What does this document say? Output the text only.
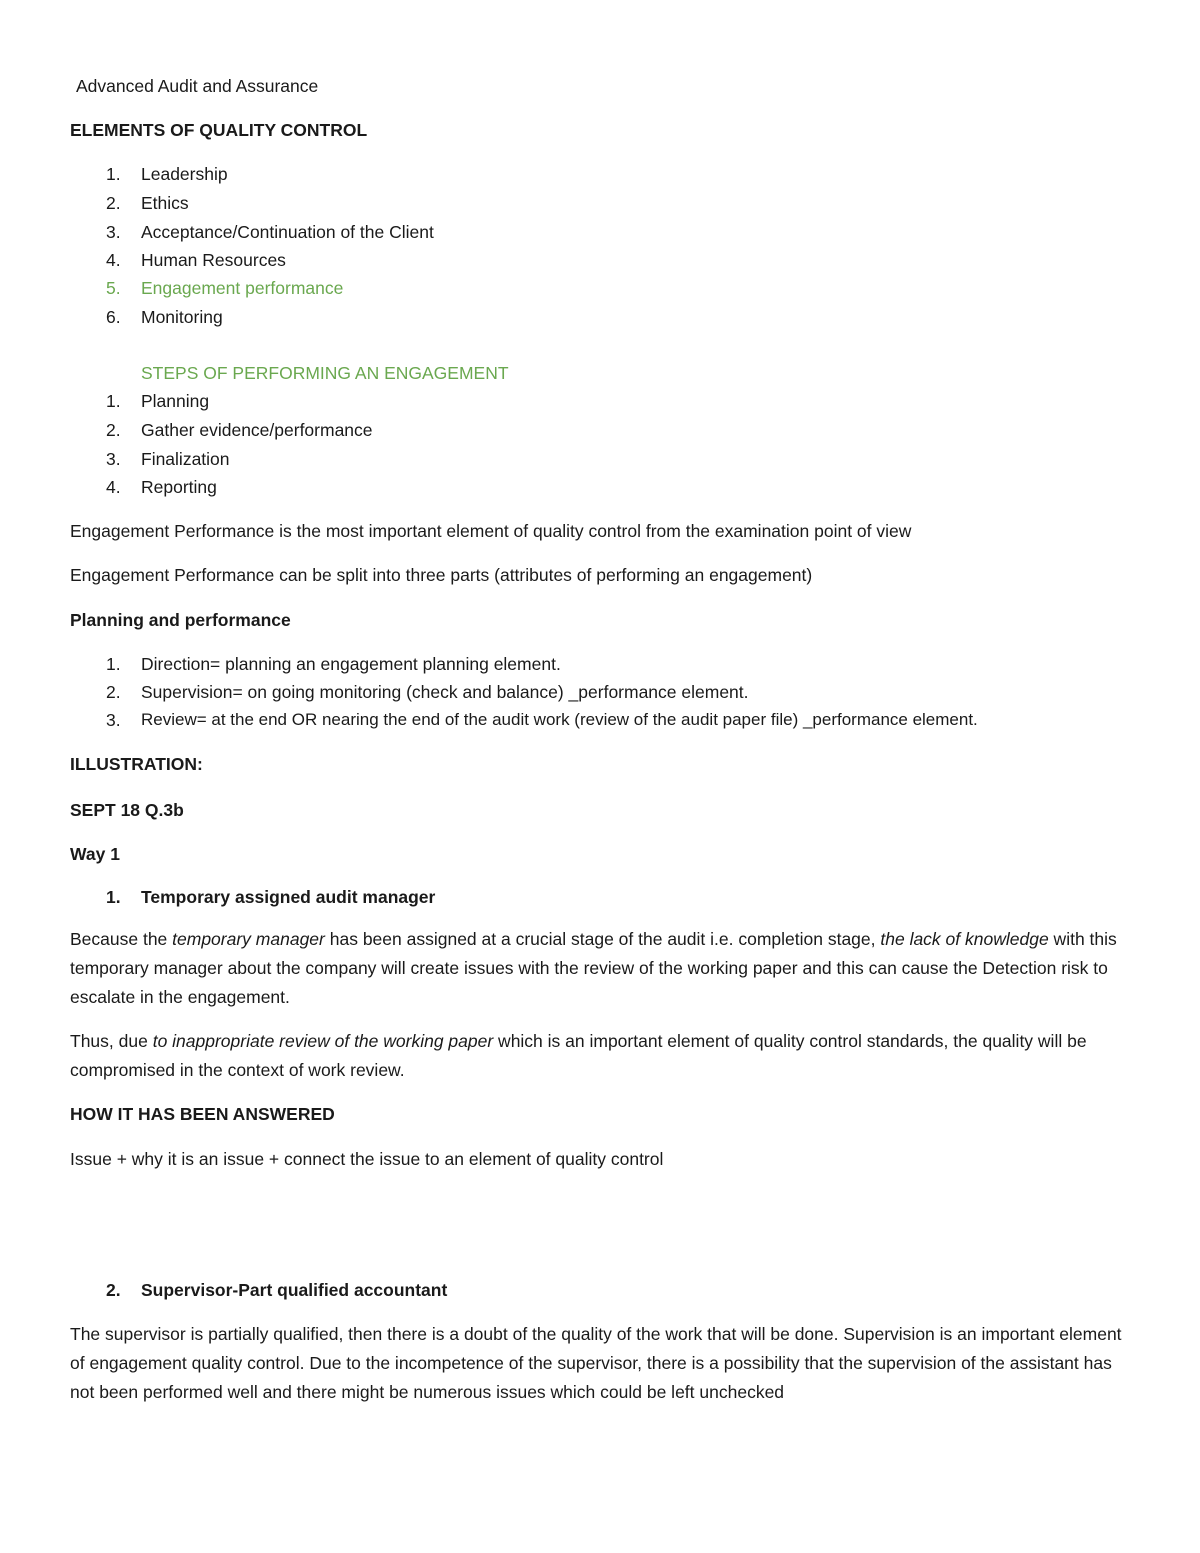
Advanced Audit and Assurance
ELEMENTS OF QUALITY CONTROL
1.	Leadership
2.	Ethics
3.	Acceptance/Continuation of the Client
4.	Human Resources
5.	Engagement performance
6.	Monitoring
STEPS OF PERFORMING AN ENGAGEMENT
1.	Planning
2.	Gather evidence/performance
3.	Finalization
4.	Reporting
Engagement Performance is the most important element of quality control from the examination point of view
Engagement Performance can be split into three parts (attributes of performing an engagement)
Planning and performance
1.	Direction= planning an engagement planning element.
2.	Supervision= on going monitoring (check and balance) _performance element.
3.	Review= at the end OR nearing the end of the audit work (review of the audit paper file) _performance element.
ILLUSTRATION:
SEPT 18 Q.3b
Way 1
1.	Temporary assigned audit manager
Because the temporary manager has been assigned at a crucial stage of the audit i.e. completion stage, the lack of knowledge with this temporary manager about the company will create issues with the review of the working paper and this can cause the Detection risk to escalate in the engagement.
Thus, due to inappropriate review of the working paper which is an important element of quality control standards, the quality will be compromised in the context of work review.
HOW IT HAS BEEN ANSWERED
Issue + why it is an issue + connect the issue to an element of quality control
2.	Supervisor-Part qualified accountant
The supervisor is partially qualified, then there is a doubt of the quality of the work that will be done. Supervision is an important element of engagement quality control. Due to the incompetence of the supervisor, there is a possibility that the supervision of the assistant has not been performed well and there might be numerous issues which could be left unchecked
